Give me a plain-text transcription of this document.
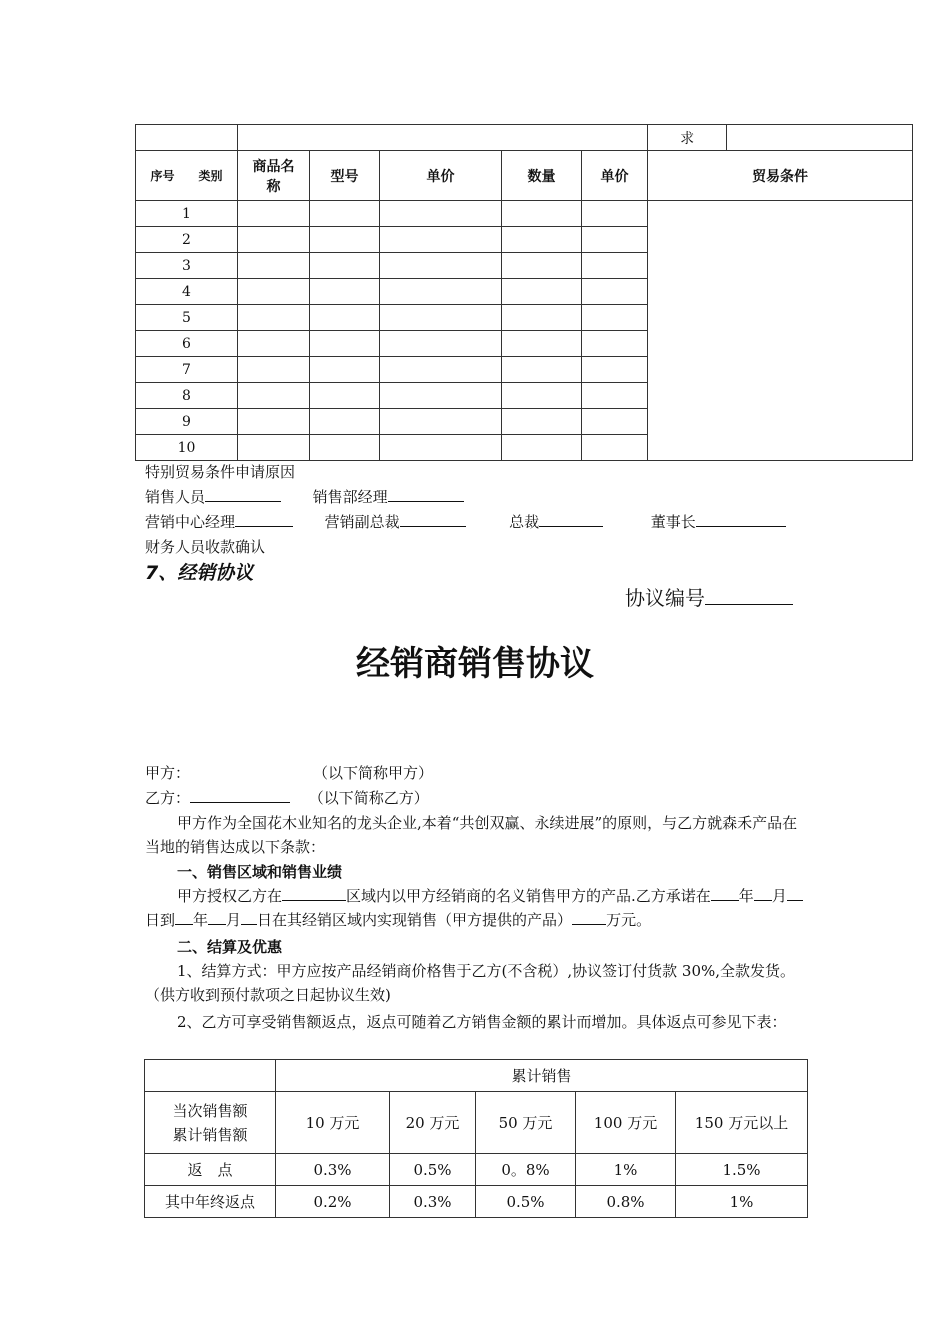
						求	
序号　　类别	商品名称	型号	单价	数量	单价	贸易条件	
1							
2							
3							
4							
5							
6							
7							
8							
9							
10							
特别贸易条件申请原因
销售人员	销售部经理
营销中心经理	营销副总裁	总裁	董事长
财务人员收款确认
7、经销协议
协议编号
经销商销售协议
甲方：	（以下简称甲方）
乙方：	（以下简称乙方）
甲方作为全国花木业知名的龙头企业,本着“共创双赢、永续进展”的原则，与乙方就森禾产品在当地的销售达成以下条款：
一、销售区域和销售业绩
甲方授权乙方在	区域内以甲方经销商的名义销售甲方的产品.乙方承诺在 年 月日到 年 月 日在其经销区域内实现销售（甲方提供的产品） 万元。
二、结算及优惠
1、结算方式：甲方应按产品经销商价格售于乙方(不含税）,协议签订付货款 30%,全款发货。（供方收到预付款项之日起协议生效)
2、乙方可享受销售额返点，返点可随着乙方销售金额的累计而增加。具体返点可参见下表：
	累计销售				

当次销售额
累计销售额	10 万元	20 万元	50 万元	100 万元	150 万元以上
返　点	0.3%	0.5%	0。8%	1%	1.5%
其中年终返点	0.2%	0.3%	0.5%	0.8%	1%
